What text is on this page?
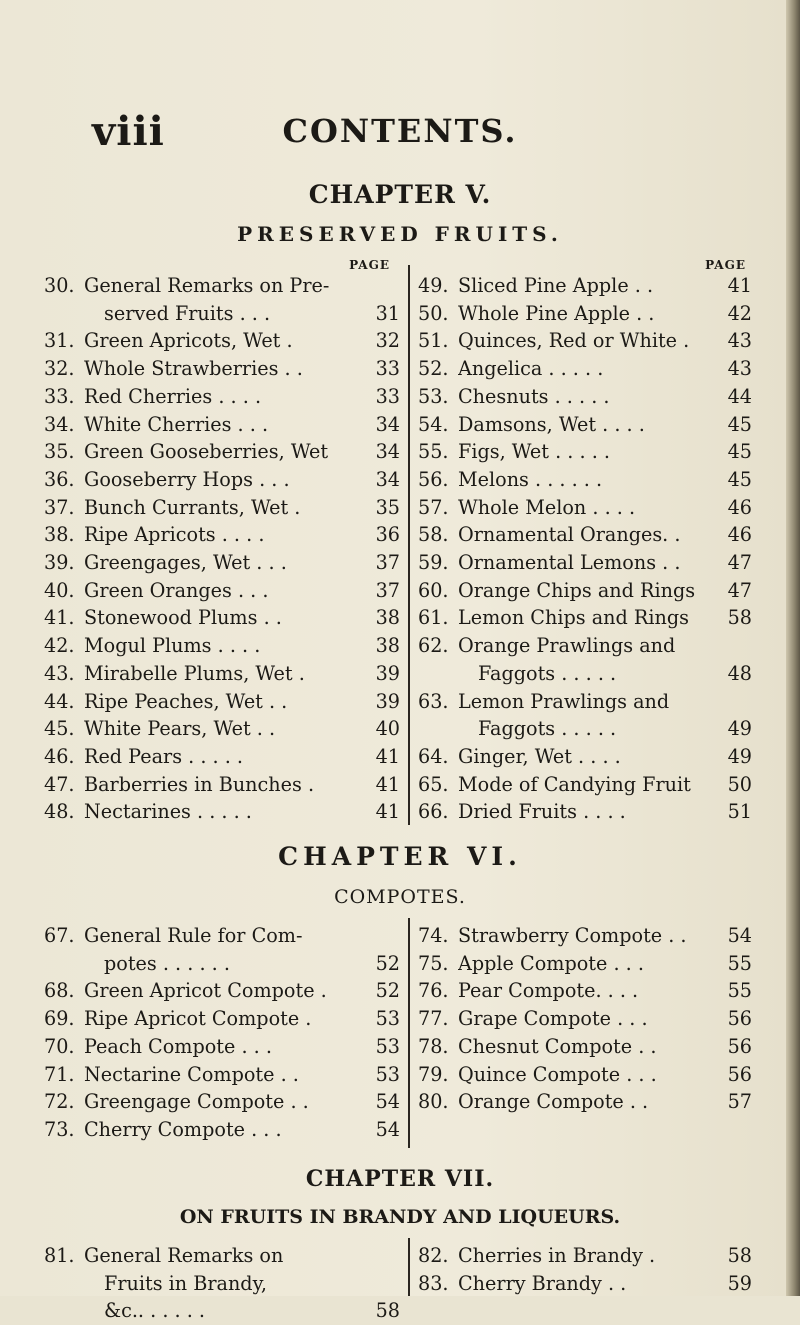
viii	CONTENTS.
CHAPTER V.
PRESERVED FRUITS.
PAGE
30. General Remarks on Pre-
served Fruits . . .	31
31. Green Apricots, Wet .	32
32. Whole Strawberries . .	33
33. Red Cherries . . . .	33
34. White Cherries . . .	34
35. Green Gooseberries, Wet	34
36. Gooseberry Hops . . .	34
37. Bunch Currants, Wet .	35
38. Ripe Apricots . . . .	36
39. Greengages, Wet . . .	37
40. Green Oranges . . .	37
41. Stonewood Plums . .	38
42. Mogul Plums . . . .	38
43. Mirabelle Plums, Wet .	39
44. Ripe Peaches, Wet . .	39
45. White Pears, Wet . .	40
46. Red Pears . . . . .	41
47. Barberries in Bunches .	41
48. Nectarines . . . . .	41
PAGE
49. Sliced Pine Apple . .	41
50. Whole Pine Apple . .	42
51. Quinces, Red or White .	43
52. Angelica . . . . .	43
53. Chesnuts . . . . .	44
54. Damsons, Wet . . . .	45
55. Figs, Wet . . . . .	45
56. Melons . . . . . .	45
57. Whole Melon . . . .	46
58. Ornamental Oranges. .	46
59. Ornamental Lemons . .	47
60. Orange Chips and Rings	47
61. Lemon Chips and Rings	58
62. Orange Prawlings and
Faggots . . . . .	48
63. Lemon Prawlings and
Faggots . . . . .	49
64. Ginger, Wet . . . .	49
65. Mode of Candying Fruit	50
66. Dried Fruits . . . .	51
CHAPTER VI.
COMPOTES.
67. General Rule for Com-
potes . . . . . .	52
68. Green Apricot Compote .	52
69. Ripe Apricot Compote .	53
70. Peach Compote . . .	53
71. Nectarine Compote . .	53
72. Greengage Compote . .	54
73. Cherry Compote . . .	54
74. Strawberry Compote . .	54
75. Apple Compote . . .	55
76. Pear Compote. . . .	55
77. Grape Compote . . .	56
78. Chesnut Compote . .	56
79. Quince Compote . . .	56
80. Orange Compote . .	57
CHAPTER VII.
ON FRUITS IN BRANDY AND LIQUEURS.
81. General Remarks on
Fruits in Brandy,
&c.. . . . . .	58
82. Cherries in Brandy .	58
83. Cherry Brandy . .	59
